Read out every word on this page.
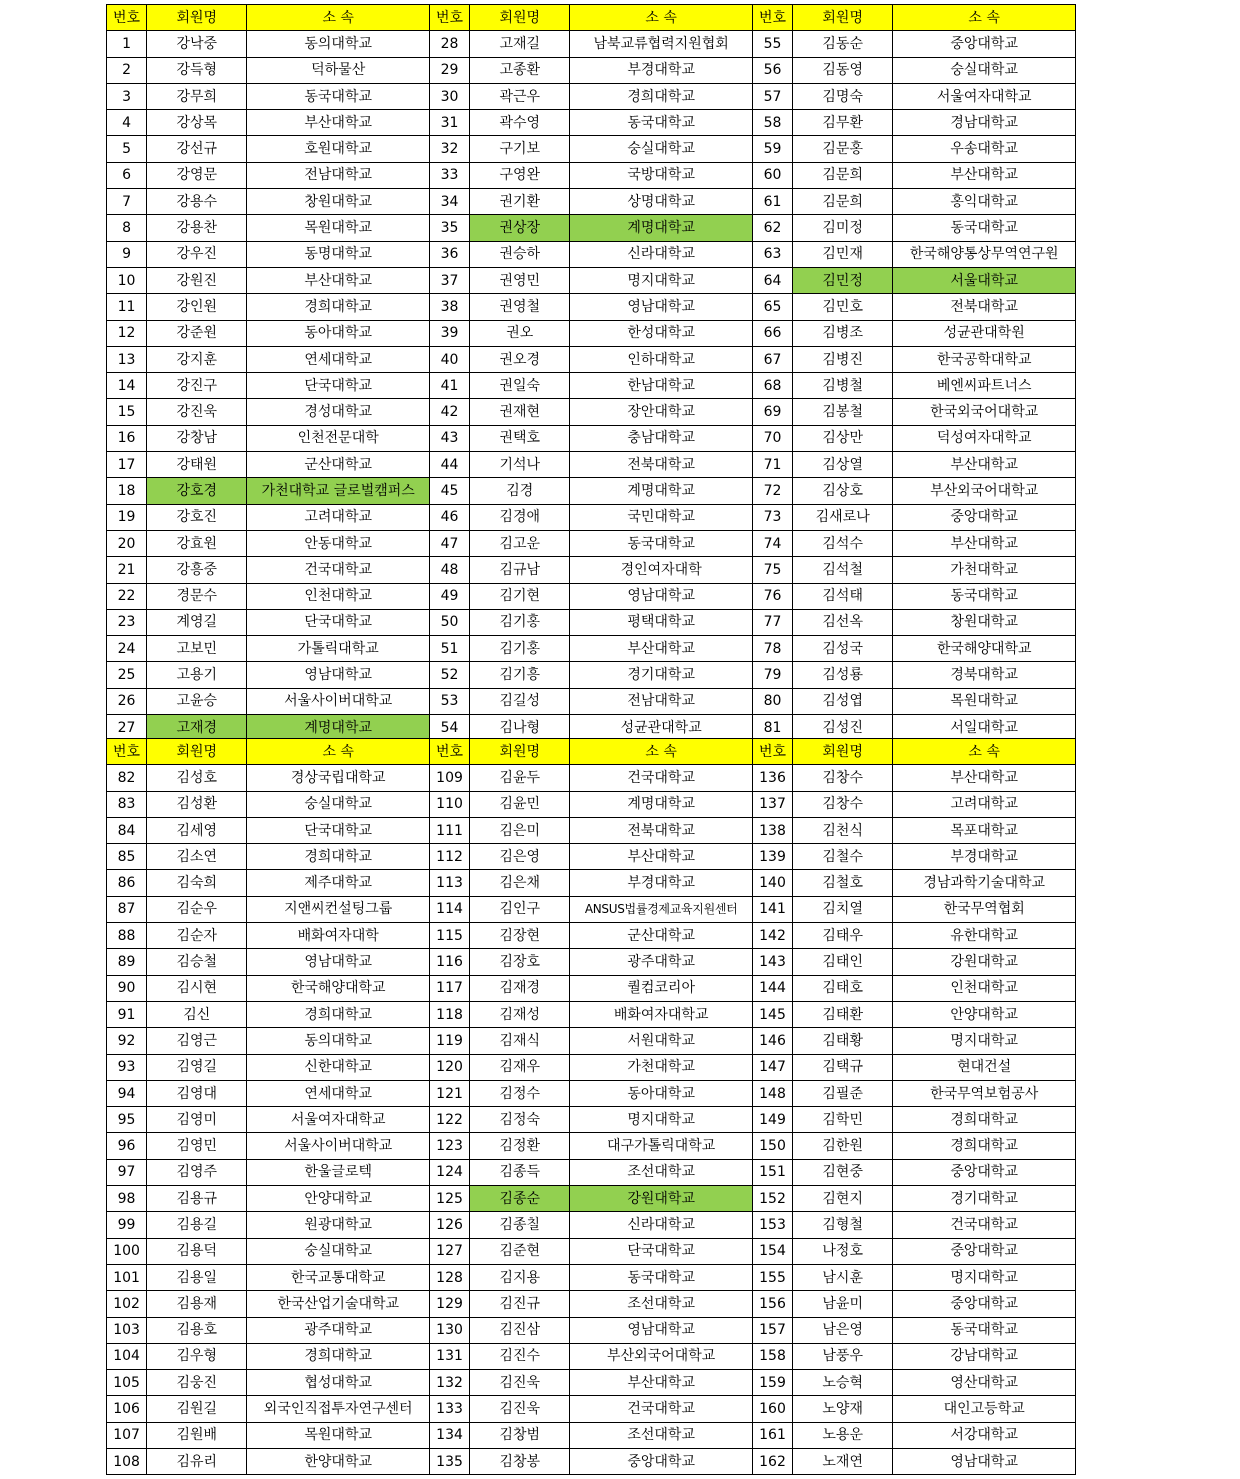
번호	회원명	소 속	번호	회원명	소 속	번호	회원명	소 속
1	강낙중	동의대학교	28	고재길	남북교류협력지원협회	55	김동순	중앙대학교
2	강득형	덕하물산	29	고종환	부경대학교	56	김동영	숭실대학교
3	강무희	동국대학교	30	곽근우	경희대학교	57	김명숙	서울여자대학교
4	강상목	부산대학교	31	곽수영	동국대학교	58	김무환	경남대학교
5	강선규	호원대학교	32	구기보	숭실대학교	59	김문홍	우송대학교
6	강영문	전남대학교	33	구영완	국방대학교	60	김문희	부산대학교
7	강용수	창원대학교	34	권기환	상명대학교	61	김문희	홍익대학교
8	강용찬	목원대학교	35	권상장	계명대학교	62	김미정	동국대학교
9	강우진	동명대학교	36	권승하	신라대학교	63	김민재	한국해양통상무역연구원
10	강원진	부산대학교	37	권영민	명지대학교	64	김민정	서울대학교
11	강인원	경희대학교	38	권영철	영남대학교	65	김민호	전북대학교
12	강준원	동아대학교	39	권오	한성대학교	66	김병조	성균관대학원
13	강지훈	연세대학교	40	권오경	인하대학교	67	김병진	한국공학대학교
14	강진구	단국대학교	41	권일숙	한남대학교	68	김병철	베엔씨파트너스
15	강진욱	경성대학교	42	권재현	장안대학교	69	김봉철	한국외국어대학교
16	강창남	인천전문대학	43	권택호	충남대학교	70	김상만	덕성여자대학교
17	강태원	군산대학교	44	기석나	전북대학교	71	김상열	부산대학교
18	강호경	가천대학교 글로벌캠퍼스	45	김경	계명대학교	72	김상호	부산외국어대학교
19	강호진	고려대학교	46	김경애	국민대학교	73	김새로나	중앙대학교
20	강효원	안동대학교	47	김고운	동국대학교	74	김석수	부산대학교
21	강흥중	건국대학교	48	김규남	경인여자대학	75	김석철	가천대학교
22	경문수	인천대학교	49	김기현	영남대학교	76	김석태	동국대학교
23	계영길	단국대학교	50	김기홍	평택대학교	77	김선옥	창원대학교
24	고보민	가톨릭대학교	51	김기홍	부산대학교	78	김성국	한국해양대학교
25	고용기	영남대학교	52	김기흥	경기대학교	79	김성룡	경북대학교
26	고윤승	서울사이버대학교	53	김길성	전남대학교	80	김성엽	목원대학교
27	고재경	계명대학교	54	김나형	성균관대학교	81	김성진	서일대학교
번호	회원명	소 속	번호	회원명	소 속	번호	회원명	소 속
82	김성호	경상국립대학교	109	김윤두	건국대학교	136	김창수	부산대학교
83	김성환	숭실대학교	110	김윤민	계명대학교	137	김창수	고려대학교
84	김세영	단국대학교	111	김은미	전북대학교	138	김천식	목포대학교
85	김소연	경희대학교	112	김은영	부산대학교	139	김철수	부경대학교
86	김숙희	제주대학교	113	김은채	부경대학교	140	김철호	경남과학기술대학교
87	김순우	지앤씨컨설팅그룹	114	김인구	ANSUS법률경제교육지원센터	141	김치열	한국무역협회
88	김순자	배화여자대학	115	김장현	군산대학교	142	김태우	유한대학교
89	김승철	영남대학교	116	김장호	광주대학교	143	김태인	강원대학교
90	김시현	한국해양대학교	117	김재경	퀄컴코리아	144	김태호	인천대학교
91	김신	경희대학교	118	김재성	배화여자대학교	145	김태환	안양대학교
92	김영근	동의대학교	119	김재식	서원대학교	146	김태황	명지대학교
93	김영길	신한대학교	120	김재우	가천대학교	147	김택규	현대건설
94	김영대	연세대학교	121	김정수	동아대학교	148	김필준	한국무역보험공사
95	김영미	서울여자대학교	122	김정숙	명지대학교	149	김학민	경희대학교
96	김영민	서울사이버대학교	123	김정환	대구가톨릭대학교	150	김한원	경희대학교
97	김영주	한울글로텍	124	김종득	조선대학교	151	김현중	중앙대학교
98	김용규	안양대학교	125	김종순	강원대학교	152	김현지	경기대학교
99	김용길	원광대학교	126	김종칠	신라대학교	153	김형철	건국대학교
100	김용덕	숭실대학교	127	김준현	단국대학교	154	나정호	중앙대학교
101	김용일	한국교통대학교	128	김지용	동국대학교	155	남시훈	명지대학교
102	김용재	한국산업기술대학교	129	김진규	조선대학교	156	남윤미	중앙대학교
103	김용호	광주대학교	130	김진삼	영남대학교	157	남은영	동국대학교
104	김우형	경희대학교	131	김진수	부산외국어대학교	158	남풍우	강남대학교
105	김웅진	협성대학교	132	김진욱	부산대학교	159	노승혁	영산대학교
106	김원길	외국인직접투자연구센터	133	김진욱	건국대학교	160	노양재	대인고등학교
107	김원배	목원대학교	134	김창범	조선대학교	161	노용운	서강대학교
108	김유리	한양대학교	135	김창봉	중앙대학교	162	노재연	영남대학교
